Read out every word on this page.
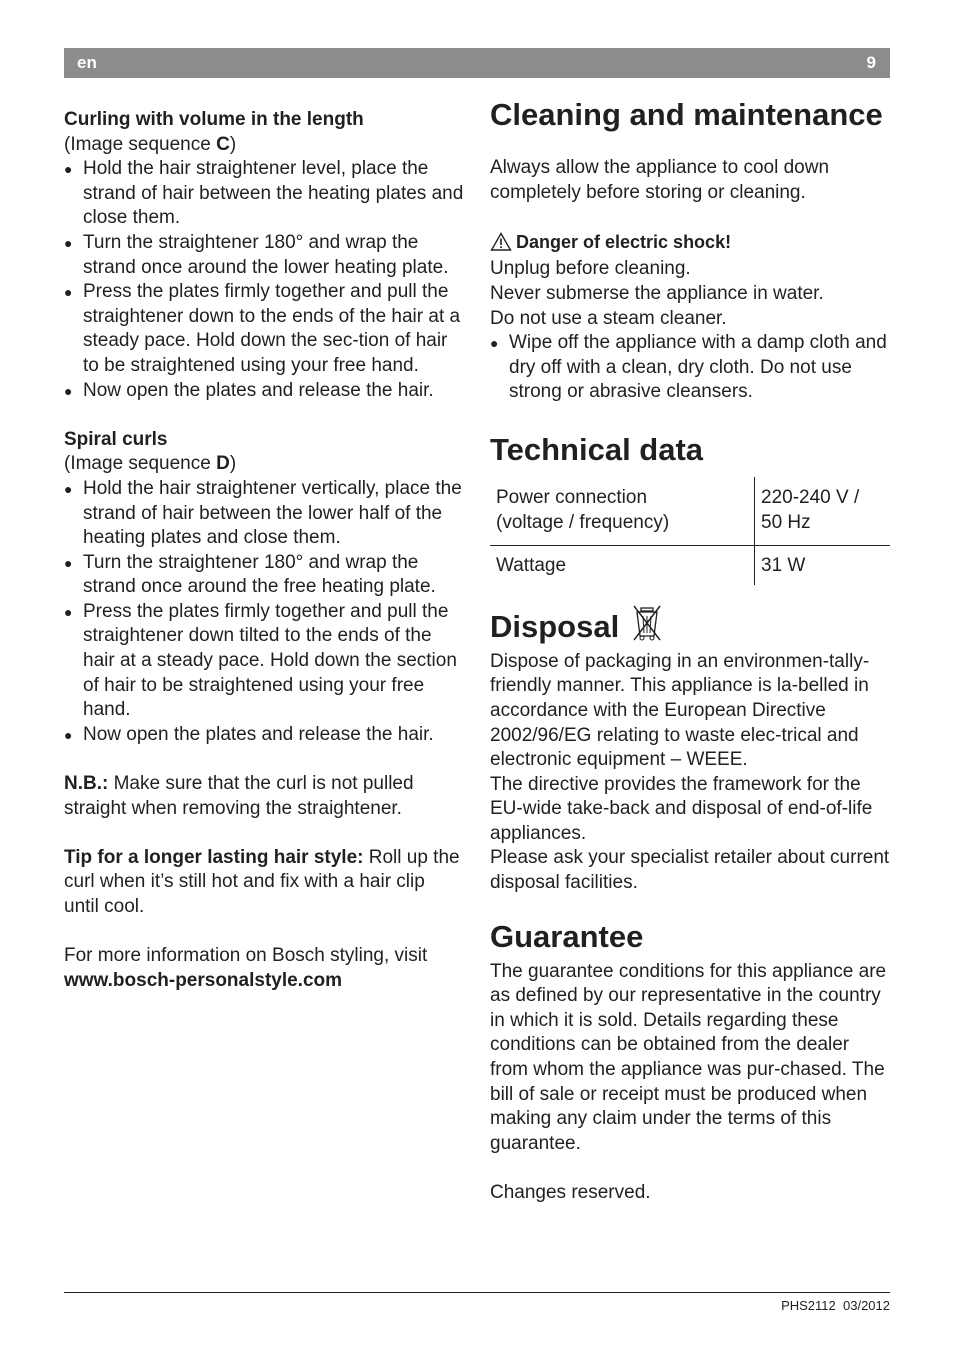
en	9

Curling with volume in the length

(Image sequence C)

● Hold the hair straightener level, place the strand of hair between the heating plates and close them.
● Turn the straightener 180° and wrap the strand once around the lower heating plate.
● Press the plates firmly together and pull the straightener down to the ends of the hair at a steady pace. Hold down the sec-tion of hair to be straightened using your free hand.
● Now open the plates and release the hair.

Spiral curls

(Image sequence D)

● Hold the hair straightener vertically, place the strand of hair between the lower half of the heating plates and close them.
● Turn the straightener 180° and wrap the strand once around the free heating plate.
● Press the plates firmly together and pull the straightener down tilted to the ends of the hair at a steady pace. Hold down the section of hair to be straightened using your free hand.
● Now open the plates and release the hair.

N.B.: Make sure that the curl is not pulled straight when removing the straightener.

Tip for a longer lasting hair style: Roll up the curl when it’s still hot and fix with a hair clip until cool.

For more information on Bosch styling, visit

www.bosch-personalstyle.com

Cleaning and maintenance

Always allow the appliance to cool down completely before storing or cleaning.

Danger of electric shock!

Unplug before cleaning.

Never submerse the appliance in water.

Do not use a steam cleaner.

● Wipe off the appliance with a damp cloth and dry off with a clean, dry cloth. Do not use strong or abrasive cleansers.
Technical data
Power connection
(voltage / frequency)	220-240 V /
50 Hz
Wattage	31 W
Disposal

Dispose of packaging in an environmen-tally-friendly manner. This appliance is la-belled in accordance with the European Directive 2002/96/EG relating to waste elec-trical and electronic equipment – WEEE.

The directive provides the framework for the EU-wide take-back and disposal of end-of-life appliances.

Please ask your specialist retailer about current disposal facilities.

Guarantee

The guarantee conditions for this appliance are as defined by our representative in the country in which it is sold. Details regarding these conditions can be obtained from the dealer from whom the appliance was pur-chased. The bill of sale or receipt must be produced when making any claim under the terms of this guarantee.

Changes reserved.

PHS2112 03/2012
